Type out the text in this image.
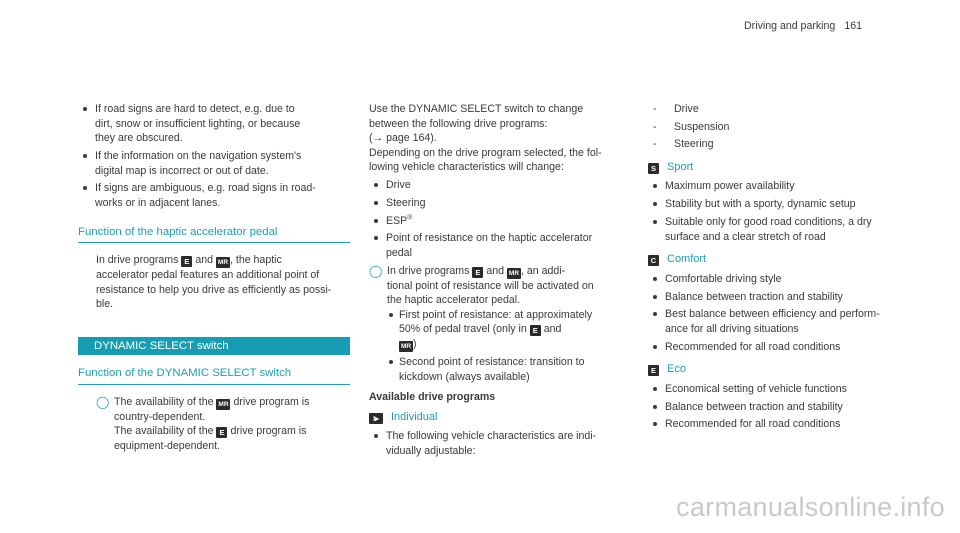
Driving and parking 161
If road signs are hard to detect, e.g. due to
dirt, snow or insufficient lighting, or because
they are obscured.
If the information on the navigation system's
digital map is incorrect or out of date.
If signs are ambiguous, e.g. road signs in road-
works or in adjacent lanes.
Function of the haptic accelerator pedal
In drive programs E and MR , the haptic
accelerator pedal features an additional point of
resistance to help you drive as efficiently as possi-
ble.
DYNAMIC SELECT switch
Function of the DYNAMIC SELECT switch
◯ The availability of the MR drive program is
country-dependent.
The availability of the E drive program is
equipment-dependent.
Use the DYNAMIC SELECT switch to change
between the following drive programs:
(→ page 164).
Depending on the drive program selected, the fol-
lowing vehicle characteristics will change:
Drive
Steering
ESP®
Point of resistance on the haptic accelerator
pedal
◯ In drive programs E and MR , an addi-
tional point of resistance will be activated on
the haptic accelerator pedal.
First point of resistance: at approximately
50% of pedal travel (only in E and
MR )
Second point of resistance: transition to
kickdown (always available)
Available drive programs
I▸ Individual
The following vehicle characteristics are indi-
vidually adjustable:
- Drive
- Suspension
- Steering
S Sport
Maximum power availability
Stability but with a sporty, dynamic setup
Suitable only for good road conditions, a dry
surface and a clear stretch of road
C Comfort
Comfortable driving style
Balance between traction and stability
Best balance between efficiency and perform-
ance for all driving situations
Recommended for all road conditions
E Eco
Economical setting of vehicle functions
Balance between traction and stability
Recommended for all road conditions
carmanualsonline.info
